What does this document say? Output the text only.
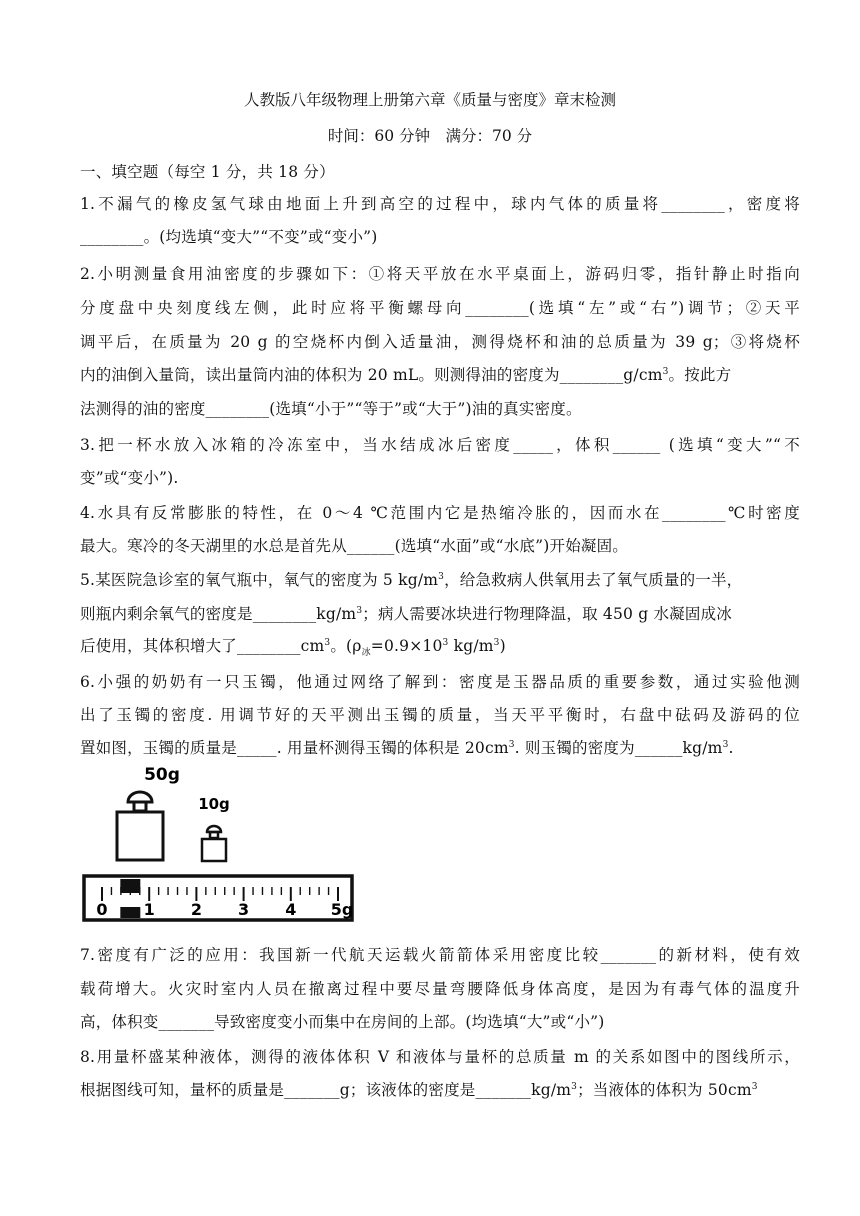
人教版八年级物理上册第六章《质量与密度》章末检测
时间：60 分钟　满分：70 分
一、填空题（每空 1 分，共 18 分）
1.不漏气的橡皮氢气球由地面上升到高空的过程中，球内气体的质量将________，密度将
________。(均选填“变大”“不变”或“变小”)
2.小明测量食用油密度的步骤如下：①将天平放在水平桌面上，游码归零，指针静止时指向
分度盘中央刻度线左侧，此时应将平衡螺母向________(选填“左”或“右”)调节；②天平
调平后，在质量为 20 g 的空烧杯内倒入适量油，测得烧杯和油的总质量为 39 g；③将烧杯
内的油倒入量筒，读出量筒内油的体积为 20 mL。则测得油的密度为$\_\_\_\_\_\_\_\_g/cm^3$。按此方
法测得的油的密度________(选填“小于”“等于”或“大于”)油的真实密度。
3.把一杯水放入冰箱的冷冻室中，当水结成冰后密度_____，体积______ (选填“变大”“不
变”或“变小”).
4.水具有反常膨胀的特性，在 0～4 ℃范围内它是热缩冷胀的，因而水在________℃时密度
最大。寒冷的冬天湖里的水总是首先从______(选填“水面”或“水底”)开始凝固。
5.某医院急诊室的氧气瓶中，氧气的密度为 5 $kg/m^3$，给急救病人供氧用去了氧气质量的一半，
则瓶内剩余氧气的密度是$\_\_\_\_\_\_\_\_kg/m^3$；病人需要冰块进行物理降温，取 450 g 水凝固成冰
后使用，其体积增大了$\_\_\_\_\_\_\_\_cm^3$。($\rho_冰=0.9\times 10^3$ $kg/m^3$)
6.小强的奶奶有一只玉镯，他通过网络了解到：密度是玉器品质的重要参数，通过实验他测
出了玉镯的密度. 用调节好的天平测出玉镯的质量，当天平平衡时，右盘中砝码及游码的位
置如图，玉镯的质量是_____. 用量杯测得玉镯的体积是 $20cm^3$. 则玉镯的密度为$\_\_\_\_\_\_kg/m^3$.
50g
10g
0 1 2 3 4 5g
7.密度有广泛的应用：我国新一代航天运载火箭箭体采用密度比较_______的新材料，使有效
载荷增大。火灾时室内人员在撤离过程中要尽量弯腰降低身体高度，是因为有毒气体的温度升
高，体积变_______导致密度变小而集中在房间的上部。(均选填“大”或“小”)
8.用量杯盛某种液体，测得的液体体积 V 和液体与量杯的总质量 m 的关系如图中的图线所示，
根据图线可知，量杯的质量是_______g；该液体的密度是$\_\_\_\_\_\_\_kg/m^3$；当液体的体积为 $50cm^3$
